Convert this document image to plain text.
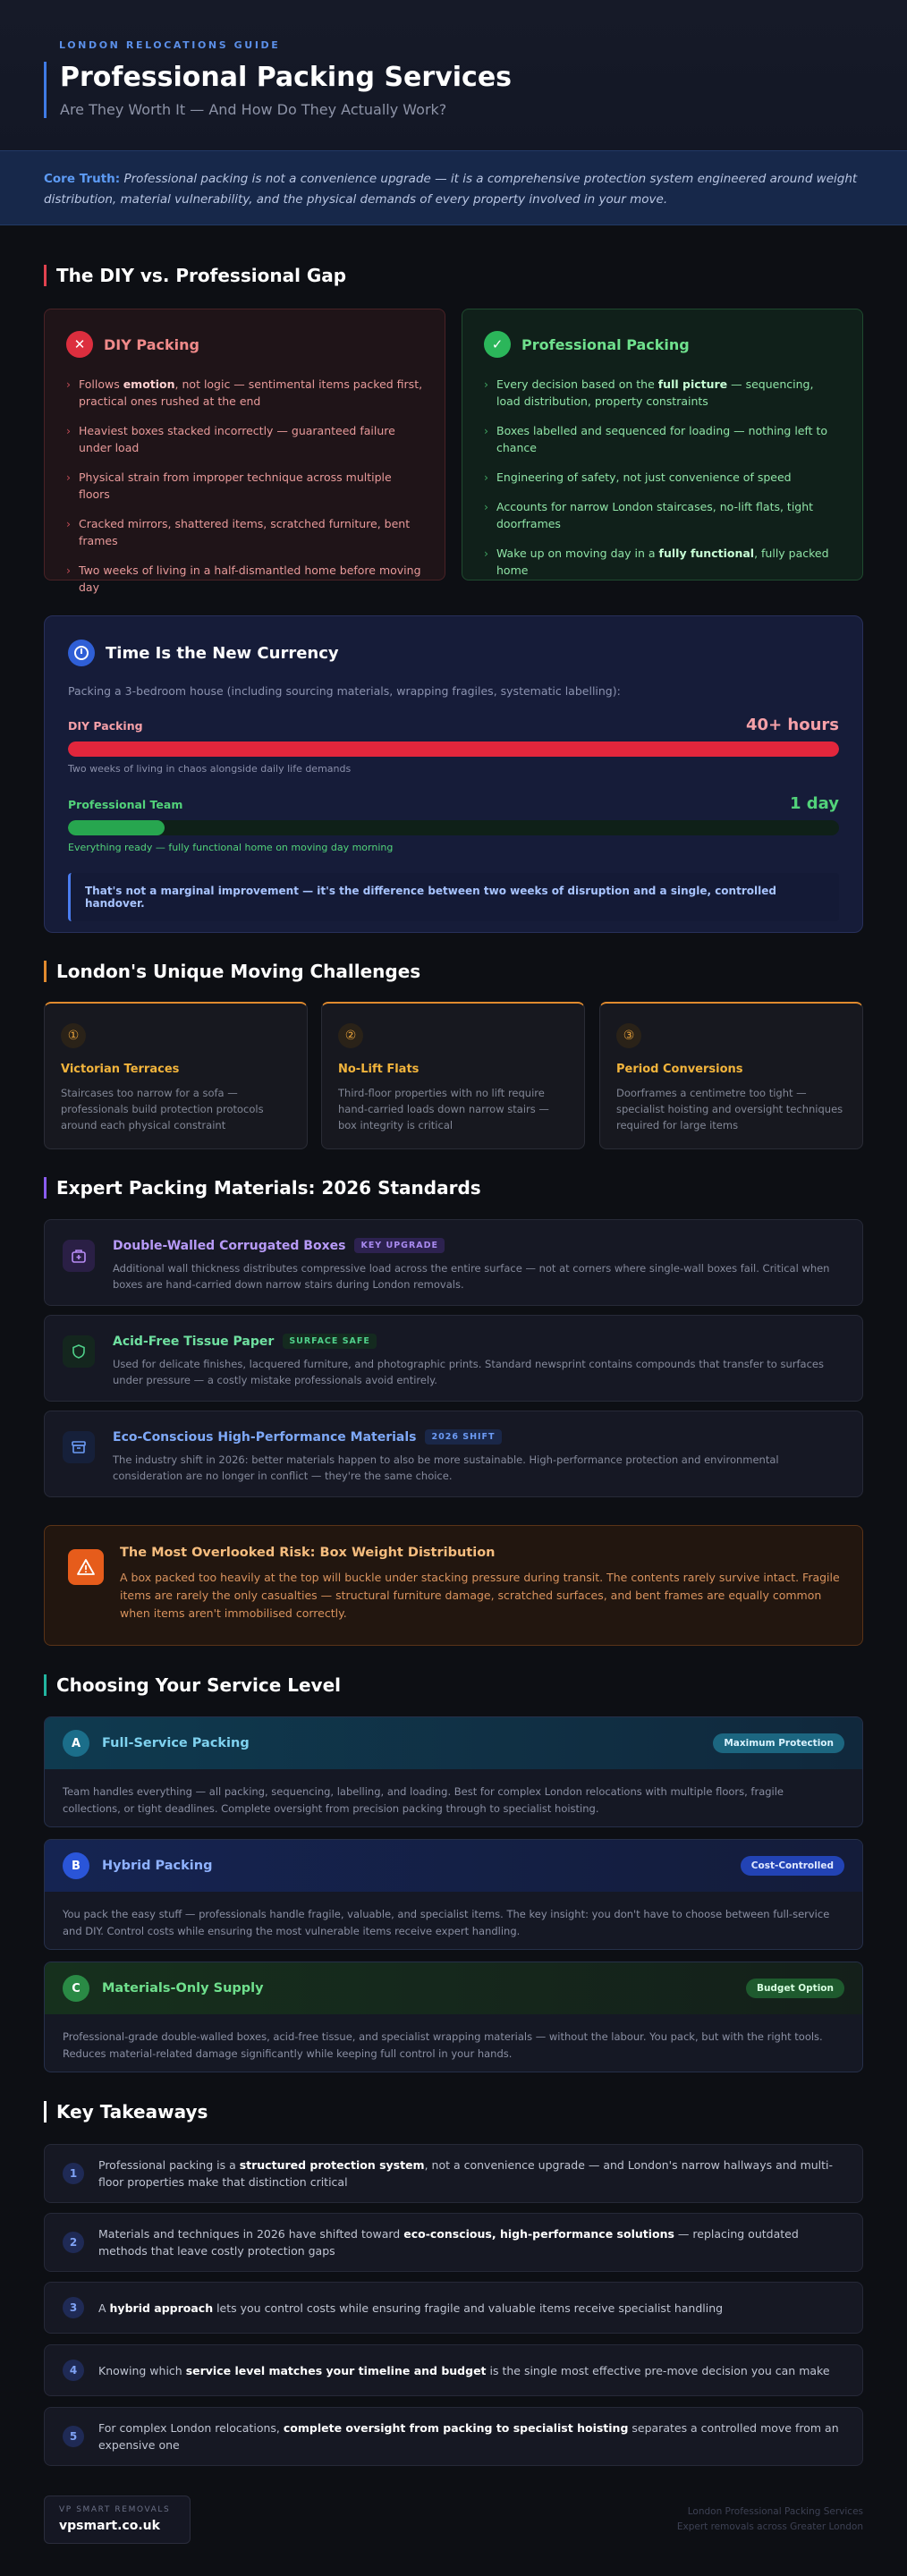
LONDON RELOCATIONS GUIDE
Professional Packing Services
Are They Worth It — And How Do They Actually Work?
Core Truth: Professional packing is not a convenience upgrade — it is a comprehensive protection system engineered around weight distribution, material vulnerability, and the physical demands of every property involved in your move.
The DIY vs. Professional Gap
✕	DIY Packing
› Follows emotion, not logic — sentimental items packed first, practical ones rushed at the end
› Heaviest boxes stacked incorrectly — guaranteed failure under load
› Physical strain from improper technique across multiple floors
› Cracked mirrors, shattered items, scratched furniture, bent frames
› Two weeks of living in a half-dismantled home before moving day
✓	Professional Packing
› Every decision based on the full picture — sequencing, load distribution, property constraints
› Boxes labelled and sequenced for loading — nothing left to chance
› Engineering of safety, not just convenience of speed
› Accounts for narrow London staircases, no-lift flats, tight doorframes
› Wake up on moving day in a fully functional, fully packed home
Time Is the New Currency
Packing a 3-bedroom house (including sourcing materials, wrapping fragiles, systematic labelling):
DIY Packing	40+ hours
Two weeks of living in chaos alongside daily life demands
Professional Team	1 day
Everything ready — fully functional home on moving day morning
That's not a marginal improvement — it's the difference between two weeks of disruption and a single, controlled handover.
London's Unique Moving Challenges
①
Victorian Terraces
Staircases too narrow for a sofa — professionals build protection protocols around each physical constraint
②
No-Lift Flats
Third-floor properties with no lift require hand-carried loads down narrow stairs — box integrity is critical
③
Period Conversions
Doorframes a centimetre too tight — specialist hoisting and oversight techniques required for large items
Expert Packing Materials: 2026 Standards
Double-Walled Corrugated Boxes	KEY UPGRADE
Additional wall thickness distributes compressive load across the entire surface — not at corners where single-wall boxes fail. Critical when boxes are hand-carried down narrow stairs during London removals.
Acid-Free Tissue Paper	SURFACE SAFE
Used for delicate finishes, lacquered furniture, and photographic prints. Standard newsprint contains compounds that transfer to surfaces under pressure — a costly mistake professionals avoid entirely.
Eco-Conscious High-Performance Materials	2026 SHIFT
The industry shift in 2026: better materials happen to also be more sustainable. High-performance protection and environmental consideration are no longer in conflict — they're the same choice.
The Most Overlooked Risk: Box Weight Distribution
A box packed too heavily at the top will buckle under stacking pressure during transit. The contents rarely survive intact. Fragile items are rarely the only casualties — structural furniture damage, scratched surfaces, and bent frames are equally common when items aren't immobilised correctly.
Choosing Your Service Level
A	Full-Service Packing	Maximum Protection
Team handles everything — all packing, sequencing, labelling, and loading. Best for complex London relocations with multiple floors, fragile collections, or tight deadlines. Complete oversight from precision packing through to specialist hoisting.
B	Hybrid Packing	Cost-Controlled
You pack the easy stuff — professionals handle fragile, valuable, and specialist items. The key insight: you don't have to choose between full-service and DIY. Control costs while ensuring the most vulnerable items receive expert handling.
C	Materials-Only Supply	Budget Option
Professional-grade double-walled boxes, acid-free tissue, and specialist wrapping materials — without the labour. You pack, but with the right tools. Reduces material-related damage significantly while keeping full control in your hands.
Key Takeaways
1
Professional packing is a structured protection system, not a convenience upgrade — and London's narrow hallways and multi-floor properties make that distinction critical
2
Materials and techniques in 2026 have shifted toward eco-conscious, high-performance solutions — replacing outdated methods that leave costly protection gaps
3	A hybrid approach lets you control costs while ensuring fragile and valuable items receive specialist handling
4	Knowing which service level matches your timeline and budget is the single most effective pre-move decision you can make
5
For complex London relocations, complete oversight from packing to specialist hoisting separates a controlled move from an expensive one
VP SMART REMOVALS
vpsmart.co.uk
London Professional Packing Services
Expert removals across Greater London
